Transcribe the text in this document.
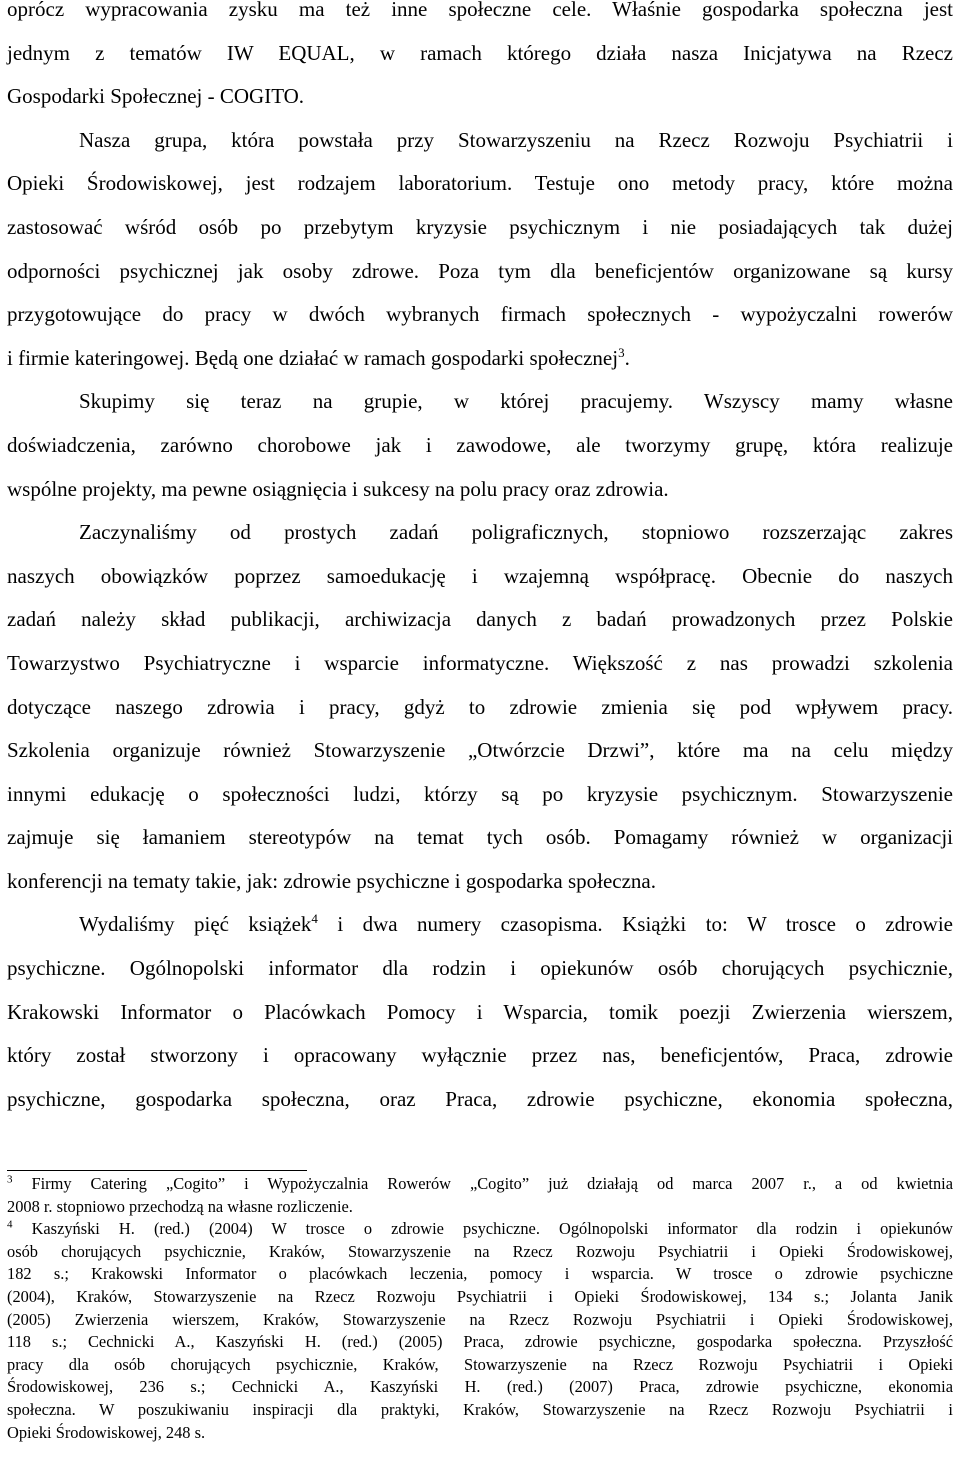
oprócz wypracowania zysku ma też inne społeczne cele. Właśnie gospodarka społeczna jest
jednym z tematów IW EQUAL, w ramach którego działa nasza Inicjatywa na Rzecz
Gospodarki Społecznej - COGITO.
Nasza grupa, która powstała przy Stowarzyszeniu na Rzecz Rozwoju Psychiatrii i
Opieki Środowiskowej, jest rodzajem laboratorium. Testuje ono metody pracy, które można
zastosować wśród osób po przebytym kryzysie psychicznym i nie posiadających tak dużej
odporności psychicznej jak osoby zdrowe. Poza tym dla beneficjentów organizowane są kursy
przygotowujące do pracy w dwóch wybranych firmach społecznych - wypożyczalni rowerów
i firmie kateringowej. Będą one działać w ramach gospodarki społecznej$^3$.
Skupimy się teraz na grupie, w której pracujemy. Wszyscy mamy własne
doświadczenia, zarówno chorobowe jak i zawodowe, ale tworzymy grupę, która realizuje
wspólne projekty, ma pewne osiągnięcia i sukcesy na polu pracy oraz zdrowia.
Zaczynaliśmy od prostych zadań poligraficznych, stopniowo rozszerzając zakres
naszych obowiązków poprzez samoedukację i wzajemną współpracę. Obecnie do naszych
zadań należy skład publikacji, archiwizacja danych z badań prowadzonych przez Polskie
Towarzystwo Psychiatryczne i wsparcie informatyczne. Większość z nas prowadzi szkolenia
dotyczące naszego zdrowia i pracy, gdyż to zdrowie zmienia się pod wpływem pracy.
Szkolenia organizuje również Stowarzyszenie „Otwórzcie Drzwi”, które ma na celu między
innymi edukację o społeczności ludzi, którzy są po kryzysie psychicznym. Stowarzyszenie
zajmuje się łamaniem stereotypów na temat tych osób. Pomagamy również w organizacji
konferencji na tematy takie, jak: zdrowie psychiczne i gospodarka społeczna.
Wydaliśmy pięć książek$^4$ i dwa numery czasopisma. Książki to: W trosce o zdrowie
psychiczne. Ogólnopolski informator dla rodzin i opiekunów osób chorujących psychicznie,
Krakowski Informator o Placówkach Pomocy i Wsparcia, tomik poezji Zwierzenia wierszem,
który został stworzony i opracowany wyłącznie przez nas, beneficjentów, Praca, zdrowie
psychiczne, gospodarka społeczna, oraz Praca, zdrowie psychiczne, ekonomia społeczna,
$^3$ Firmy Catering „Cogito” i Wypożyczalnia Rowerów „Cogito” już działają od marca 2007 r., a od kwietnia
2008 r. stopniowo przechodzą na własne rozliczenie.
$^4$ Kaszyński H. (red.) (2004) W trosce o zdrowie psychiczne. Ogólnopolski informator dla rodzin i opiekunów
osób chorujących psychicznie, Kraków, Stowarzyszenie na Rzecz Rozwoju Psychiatrii i Opieki Środowiskowej,
182 s.; Krakowski Informator o placówkach leczenia, pomocy i wsparcia. W trosce o zdrowie psychiczne
(2004), Kraków, Stowarzyszenie na Rzecz Rozwoju Psychiatrii i Opieki Środowiskowej, 134 s.; Jolanta Janik
(2005) Zwierzenia wierszem, Kraków, Stowarzyszenie na Rzecz Rozwoju Psychiatrii i Opieki Środowiskowej,
118 s.; Cechnicki A., Kaszyński H. (red.) (2005) Praca, zdrowie psychiczne, gospodarka społeczna. Przyszłość
pracy dla osób chorujących psychicznie, Kraków, Stowarzyszenie na Rzecz Rozwoju Psychiatrii i Opieki
Środowiskowej, 236 s.; Cechnicki A., Kaszyński H. (red.) (2007) Praca, zdrowie psychiczne, ekonomia
społeczna. W poszukiwaniu inspiracji dla praktyki, Kraków, Stowarzyszenie na Rzecz Rozwoju Psychiatrii i
Opieki Środowiskowej, 248 s.
